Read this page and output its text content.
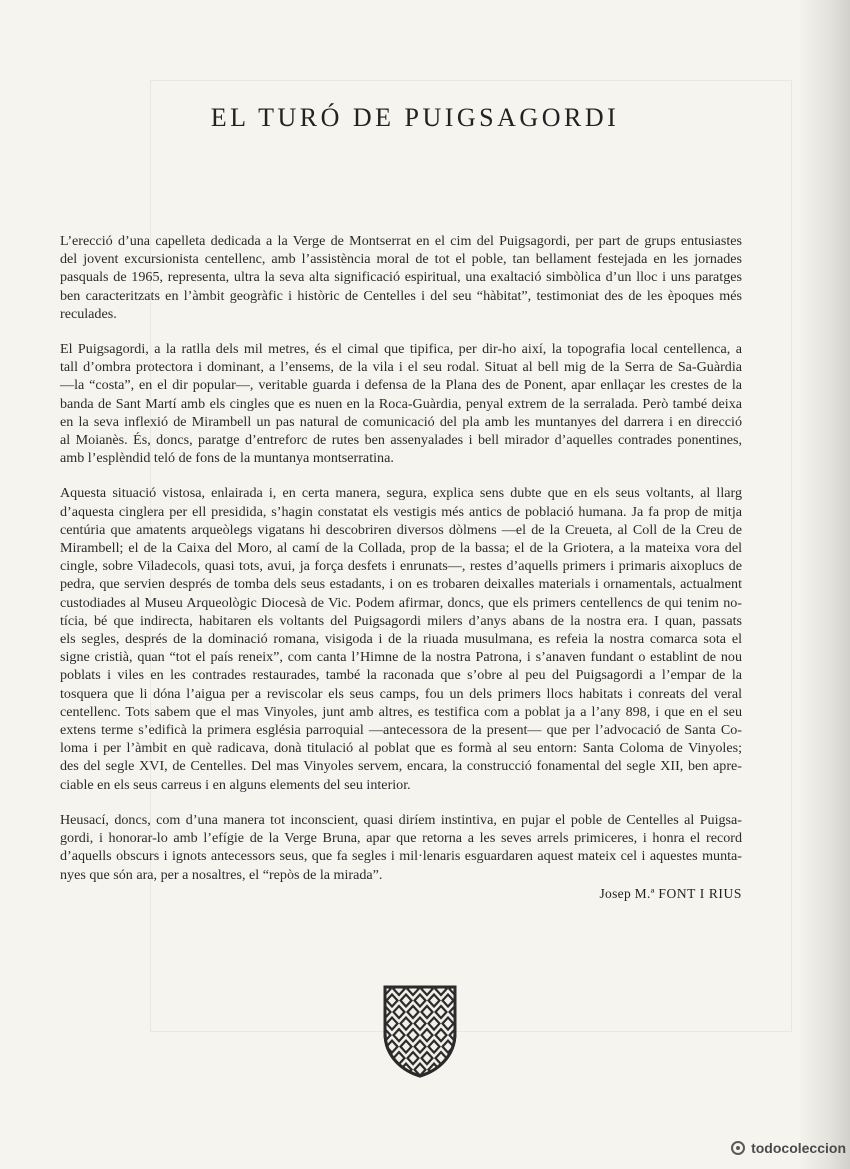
EL TURÓ DE PUIGSAGORDI

L’erecció d’una capelleta dedicada a la Verge de Montserrat en el cim del Puigsagordi, per part de grups entusiastes
del jovent excursionista centellenc, amb l’assistència moral de tot el poble, tan bellament festejada en les jornades
pasquals de 1965, representa, ultra la seva alta significació espiritual, una exaltació simbòlica d’un lloc i uns paratges
ben caracteritzats en l’àmbit geogràfic i històric de Centelles i del seu “hàbitat”, testimoniat des de les èpoques més
reculades.

El Puigsagordi, a la ratlla dels mil metres, és el cimal que tipifica, per dir-ho així, la topografia local centellenca, a
tall d’ombra protectora i dominant, a l’ensems, de la vila i el seu rodal. Situat al bell mig de la Serra de Sa-Guàrdia
—la “costa”, en el dir popular—, veritable guarda i defensa de la Plana des de Ponent, apar enllaçar les crestes de la
banda de Sant Martí amb els cingles que es nuen en la Roca-Guàrdia, penyal extrem de la serralada. Però també deixa
en la seva inflexió de Mirambell un pas natural de comunicació del pla amb les muntanyes del darrera i en direcció
al Moianès. És, doncs, paratge d’entreforc de rutes ben assenyalades i bell mirador d’aquelles contrades ponentines,
amb l’esplèndid teló de fons de la muntanya montserratina.

Aquesta situació vistosa, enlairada i, en certa manera, segura, explica sens dubte que en els seus voltants, al llarg
d’aquesta cinglera per ell presidida, s’hagin constatat els vestigis més antics de població humana. Ja fa prop de mitja
centúria que amatents arqueòlegs vigatans hi descobriren diversos dòlmens —el de la Creueta, al Coll de la Creu de
Mirambell; el de la Caixa del Moro, al camí de la Collada, prop de la bassa; el de la Griotera, a la mateixa vora del
cingle, sobre Viladecols, quasi tots, avui, ja força desfets i enrunats—, restes d’aquells primers i primaris aixoplucs de
pedra, que servien després de tomba dels seus estadants, i on es trobaren deixalles materials i ornamentals, actualment
custodiades al Museu Arqueològic Diocesà de Vic. Podem afirmar, doncs, que els primers centellencs de qui tenim no-
tícia, bé que indirecta, habitaren els voltants del Puigsagordi milers d’anys abans de la nostra era. I quan, passats
els segles, després de la dominació romana, visigoda i de la riuada musulmana, es refeia la nostra comarca sota el
signe cristià, quan “tot el país reneix”, com canta l’Himne de la nostra Patrona, i s’anaven fundant o establint de nou
poblats i viles en les contrades restaurades, també la raconada que s’obre al peu del Puigsagordi a l’empar de la
tosquera que li dóna l’aigua per a reviscolar els seus camps, fou un dels primers llocs habitats i conreats del veral
centellenc. Tots sabem que el mas Vinyoles, junt amb altres, es testifica com a poblat ja a l’any 898, i que en el seu
extens terme s’edificà la primera església parroquial —antecessora de la present— que per l’advocació de Santa Co-
loma i per l’àmbit en què radicava, donà titulació al poblat que es formà al seu entorn: Santa Coloma de Vinyoles;
des del segle XVI, de Centelles. Del mas Vinyoles servem, encara, la construcció fonamental del segle XII, ben apre-
ciable en els seus carreus i en alguns elements del seu interior.

Heusací, doncs, com d’una manera tot inconscient, quasi diríem instintiva, en pujar el poble de Centelles al Puigsa-
gordi, i honorar-lo amb l’efígie de la Verge Bruna, apar que retorna a les seves arrels primiceres, i honra el record
d’aquells obscurs i ignots antecessors seus, que fa segles i mil·lenaris esguardaren aquest mateix cel i aquestes munta-
nyes que són ara, per a nosaltres, el “repòs de la mirada”.

Josep M.ª FONT I RIUS
todocoleccion
